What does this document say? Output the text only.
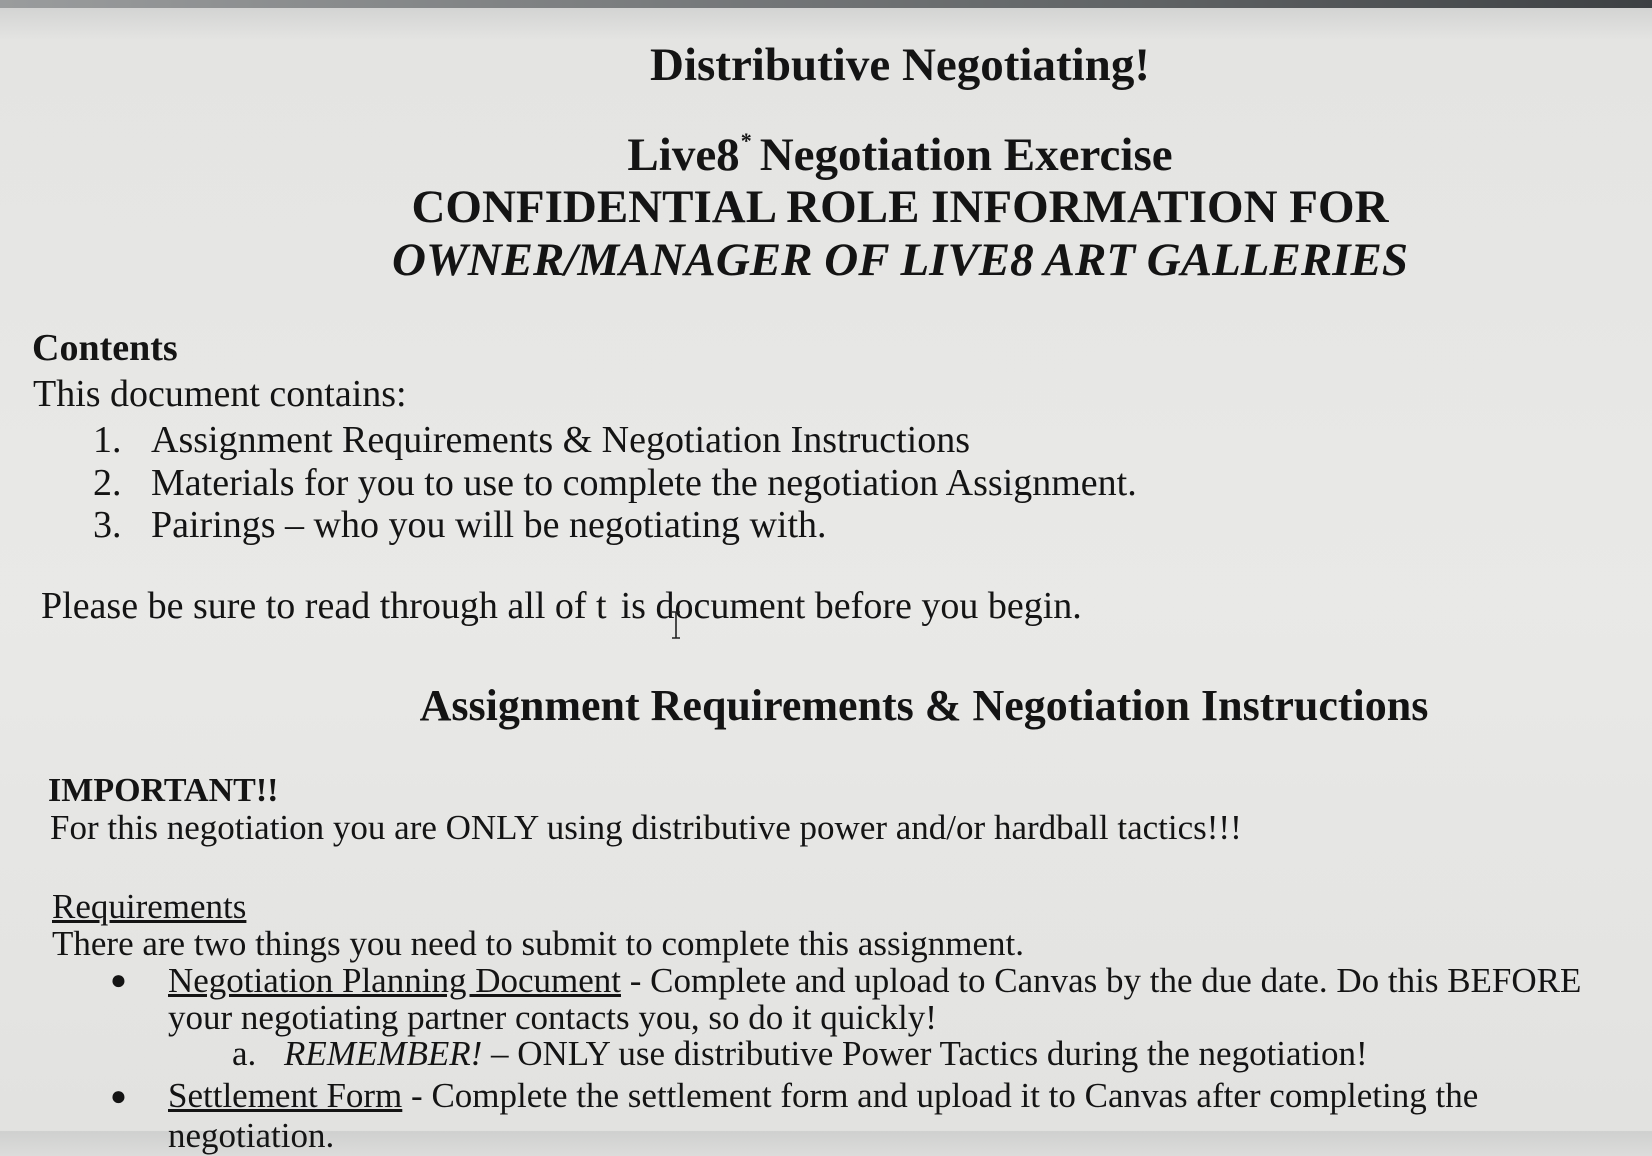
Distributive Negotiating!

Live8* Negotiation Exercise

CONFIDENTIAL ROLE INFORMATION FOR

OWNER/MANAGER OF LIVE8 ART GALLERIES

Contents

This document contains:

1. Assignment Requirements & Negotiation Instructions

2. Materials for you to use to complete the negotiation Assignment.

3. Pairings – who you will be negotiating with.

Please be sure to read through all of t is document before you begin.

Assignment Requirements & Negotiation Instructions

IMPORTANT!!

For this negotiation you are ONLY using distributive power and/or hardball tactics!!!

Requirements

There are two things you need to submit to complete this assignment.

● Negotiation Planning Document - Complete and upload to Canvas by the due date. Do this BEFORE

your negotiating partner contacts you, so do it quickly!

a. REMEMBER! – ONLY use distributive Power Tactics during the negotiation!

● Settlement Form - Complete the settlement form and upload it to Canvas after completing the

negotiation.
